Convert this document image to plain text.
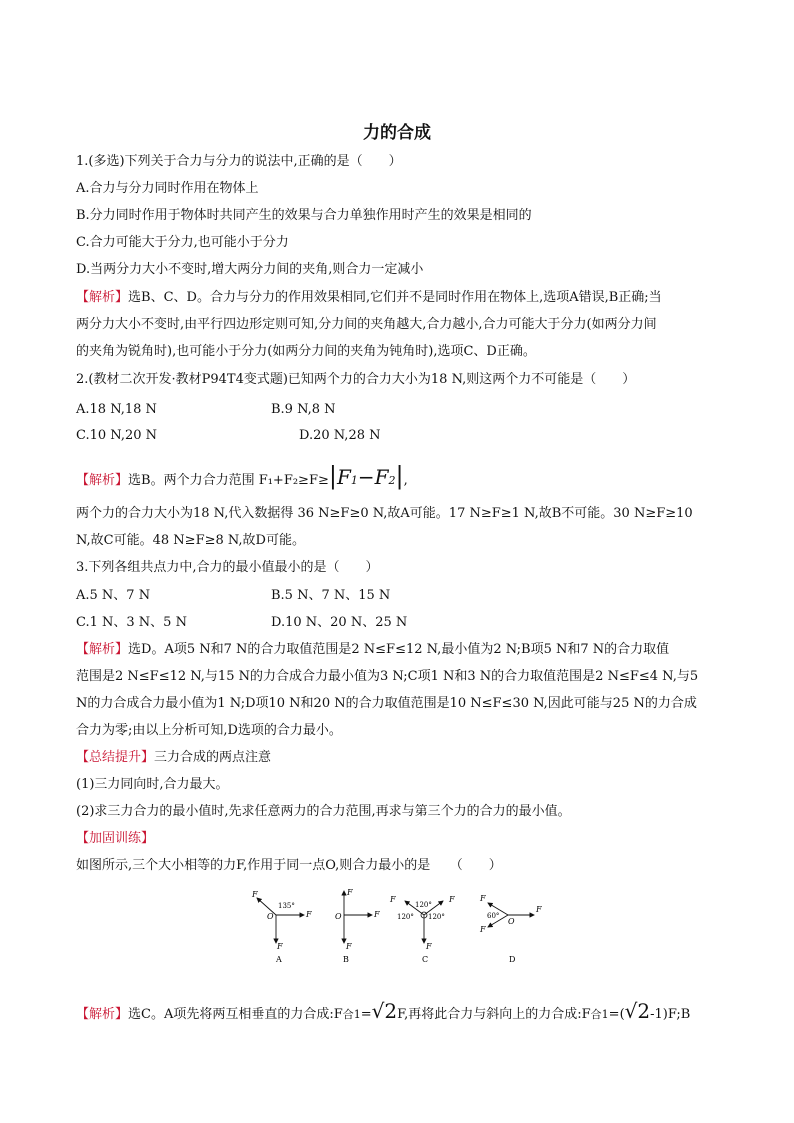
力的合成
1.(多选)下列关于合力与分力的说法中,正确的是（　　）
A.合力与分力同时作用在物体上
B.分力同时作用于物体时共同产生的效果与合力单独作用时产生的效果是相同的
C.合力可能大于分力,也可能小于分力
D.当两分力大小不变时,增大两分力间的夹角,则合力一定减小
【解析】选B、C、D。合力与分力的作用效果相同,它们并不是同时作用在物体上,选项A错误,B正确;当
两分力大小不变时,由平行四边形定则可知,分力间的夹角越大,合力越小,合力可能大于分力(如两分力间
的夹角为锐角时),也可能小于分力(如两分力间的夹角为钝角时),选项C、D正确。
2.(教材二次开发·教材P94T4变式题)已知两个力的合力大小为18 N,则这两个力不可能是（　　）
A.18 N,18 N	B.9 N,8 N
C.10 N,20 N	D.20 N,28 N
【解析】选B。两个力合力范围 F₁+F₂≥F≥|F1−F2|,
两个力的合力大小为18 N,代入数据得 36 N≥F≥0 N,故A可能。17 N≥F≥1 N,故B不可能。30 N≥F≥10
N,故C可能。48 N≥F≥8 N,故D可能。
3.下列各组共点力中,合力的最小值最小的是（　　）
A.5 N、7 N	B.5 N、7 N、15 N
C.1 N、3 N、5 N	D.10 N、20 N、25 N
【解析】选D。A项5 N和7 N的合力取值范围是2 N≤F≤12 N,最小值为2 N;B项5 N和7 N的合力取值
范围是2 N≤F≤12 N,与15 N的力合成合力最小值为3 N;C项1 N和3 N的合力取值范围是2 N≤F≤4 N,与5
N的力合成合力最小值为1 N;D项10 N和20 N的合力取值范围是10 N≤F≤30 N,因此可能与25 N的力合成
合力为零;由以上分析可知,D选项的合力最小。
【总结提升】三力合成的两点注意
(1)三力同向时,合力最大。
(2)求三力合力的最小值时,先求任意两力的合力范围,再求与第三个力的合力的最小值。
【加固训练】
如图所示,三个大小相等的力F,作用于同一点O,则合力最小的是　　（　　）
F
F
F
O
135°
A
F
F
F
O
B
F	F
F
120°
120° 120°
C
F
F
F
O
60°
D
【解析】选C。A项先将两互相垂直的力合成:F合1=√2F,再将此合力与斜向上的力合成:F合1=(√2-1)F;B
